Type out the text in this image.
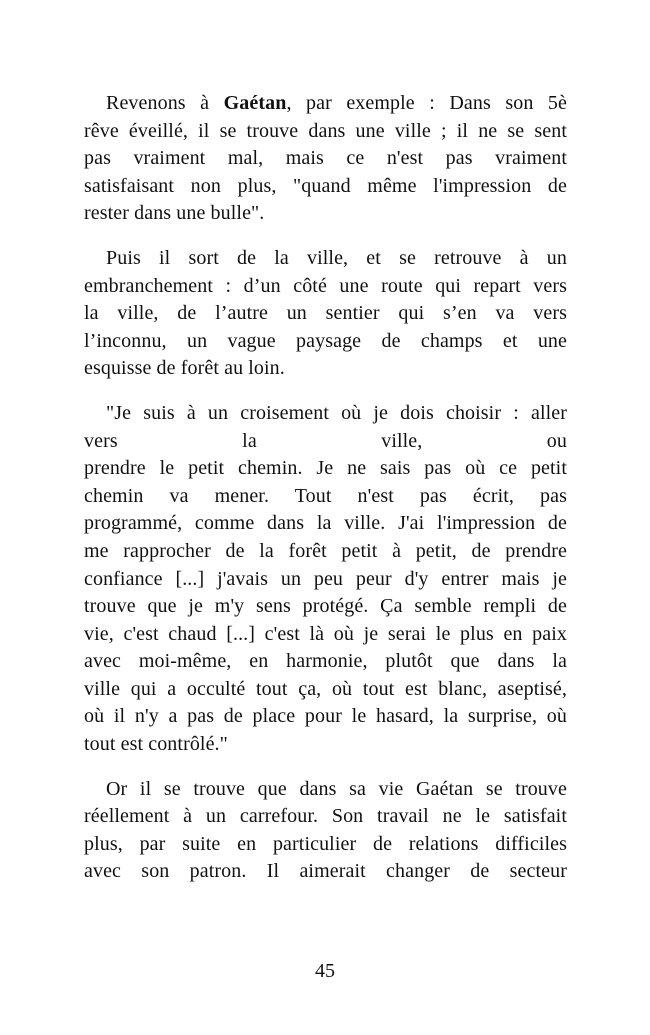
Revenons à Gaétan, par exemple : Dans son 5è
rêve éveillé, il se trouve dans une ville ; il ne se sent
pas vraiment mal, mais ce n'est pas vraiment
satisfaisant non plus, "quand même l'impression de
rester dans une bulle".
Puis il sort de la ville, et se retrouve à un
embranchement : d’un côté une route qui repart vers
la ville, de l’autre un sentier qui s’en va vers
l’inconnu, un vague paysage de champs et une
esquisse de forêt au loin.
"Je suis à un croisement où je dois choisir : aller
vers	la	ville,	ou
prendre le petit chemin. Je ne sais pas où ce petit
chemin va mener. Tout n'est pas écrit, pas
programmé, comme dans la ville. J'ai l'impression de
me rapprocher de la forêt petit à petit, de prendre
confiance [...] j'avais un peu peur d'y entrer mais je
trouve que je m'y sens protégé. Ça semble rempli de
vie, c'est chaud [...] c'est là où je serai le plus en paix
avec moi-même, en harmonie, plutôt que dans la
ville qui a occulté tout ça, où tout est blanc, aseptisé,
où il n'y a pas de place pour le hasard, la surprise, où
tout est contrôlé."
Or il se trouve que dans sa vie Gaétan se trouve
réellement à un carrefour. Son travail ne le satisfait
plus, par suite en particulier de relations difficiles
avec son patron. Il aimerait changer de secteur
45
